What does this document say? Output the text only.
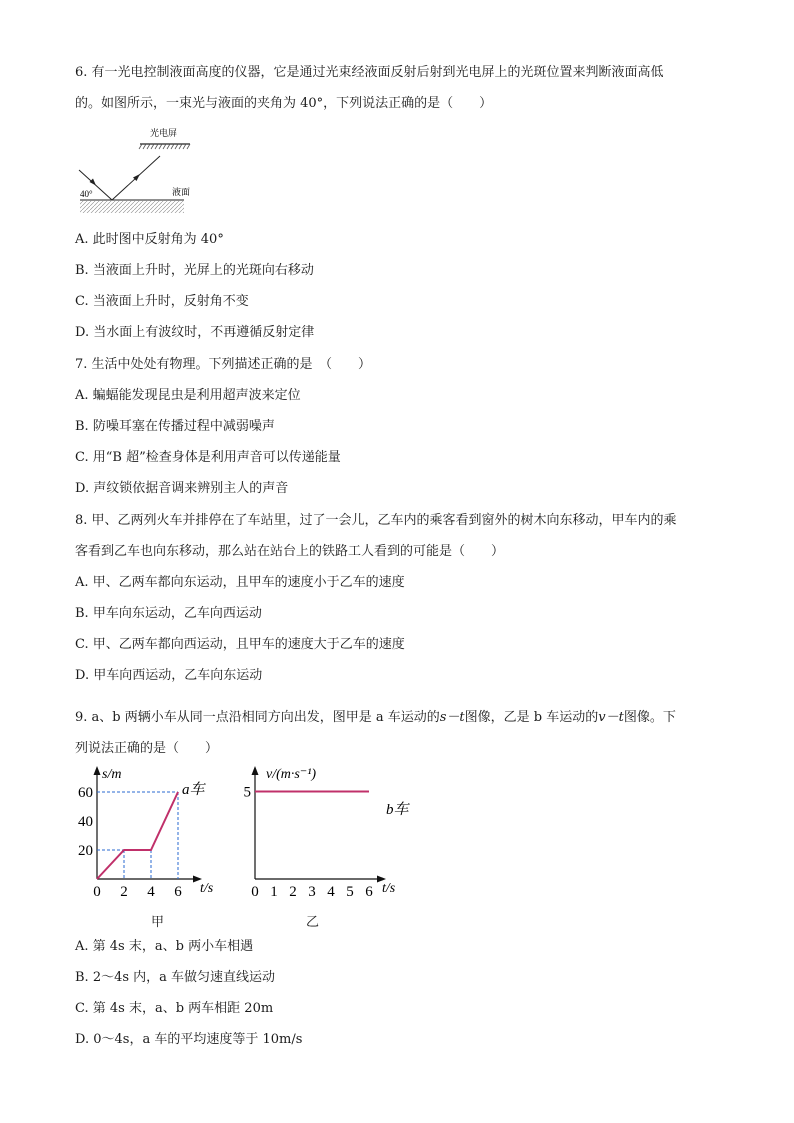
6. 有一光电控制液面高度的仪器，它是通过光束经液面反射后射到光电屏上的光斑位置来判断液面高低
的。如图所示，一束光与液面的夹角为 40°，下列说法正确的是（　　）
光电屏
液面
40°
A. 此时图中反射角为 40°
B. 当液面上升时，光屏上的光斑向右移动
C. 当液面上升时，反射角不变
D. 当水面上有波纹时，不再遵循反射定律
7. 生活中处处有物理。下列描述正确的是　（　　）
A. 蝙蝠能发现昆虫是利用超声波来定位
B. 防噪耳塞在传播过程中减弱噪声
C. 用“B 超”检查身体是利用声音可以传递能量
D. 声纹锁依据音调来辨别主人的声音
8. 甲、乙两列火车并排停在了车站里，过了一会儿，乙车内的乘客看到窗外的树木向东移动，甲车内的乘
客看到乙车也向东移动，那么站在站台上的铁路工人看到的可能是（　　）
A. 甲、乙两车都向东运动，且甲车的速度小于乙车的速度
B. 甲车向东运动，乙车向西运动
C. 甲、乙两车都向西运动，且甲车的速度大于乙车的速度
D. 甲车向西运动，乙车向东运动
9. a、b 两辆小车从同一点沿相同方向出发，图甲是 a 车运动的s－t图像，乙是 b 车运动的v－t图像。下
列说法正确的是（　　）
s/m
t/s
a车
0 2 4 6
20
40
60
甲
v/(m·s⁻¹)
t/s
b车
0 1 2 3 4 5 6
5
乙
A. 第 4s 末，a、b 两小车相遇
B. 2～4s 内，a 车做匀速直线运动
C. 第 4s 末，a、b 两车相距 20m
D. 0～4s，a 车的平均速度等于 10m/s
